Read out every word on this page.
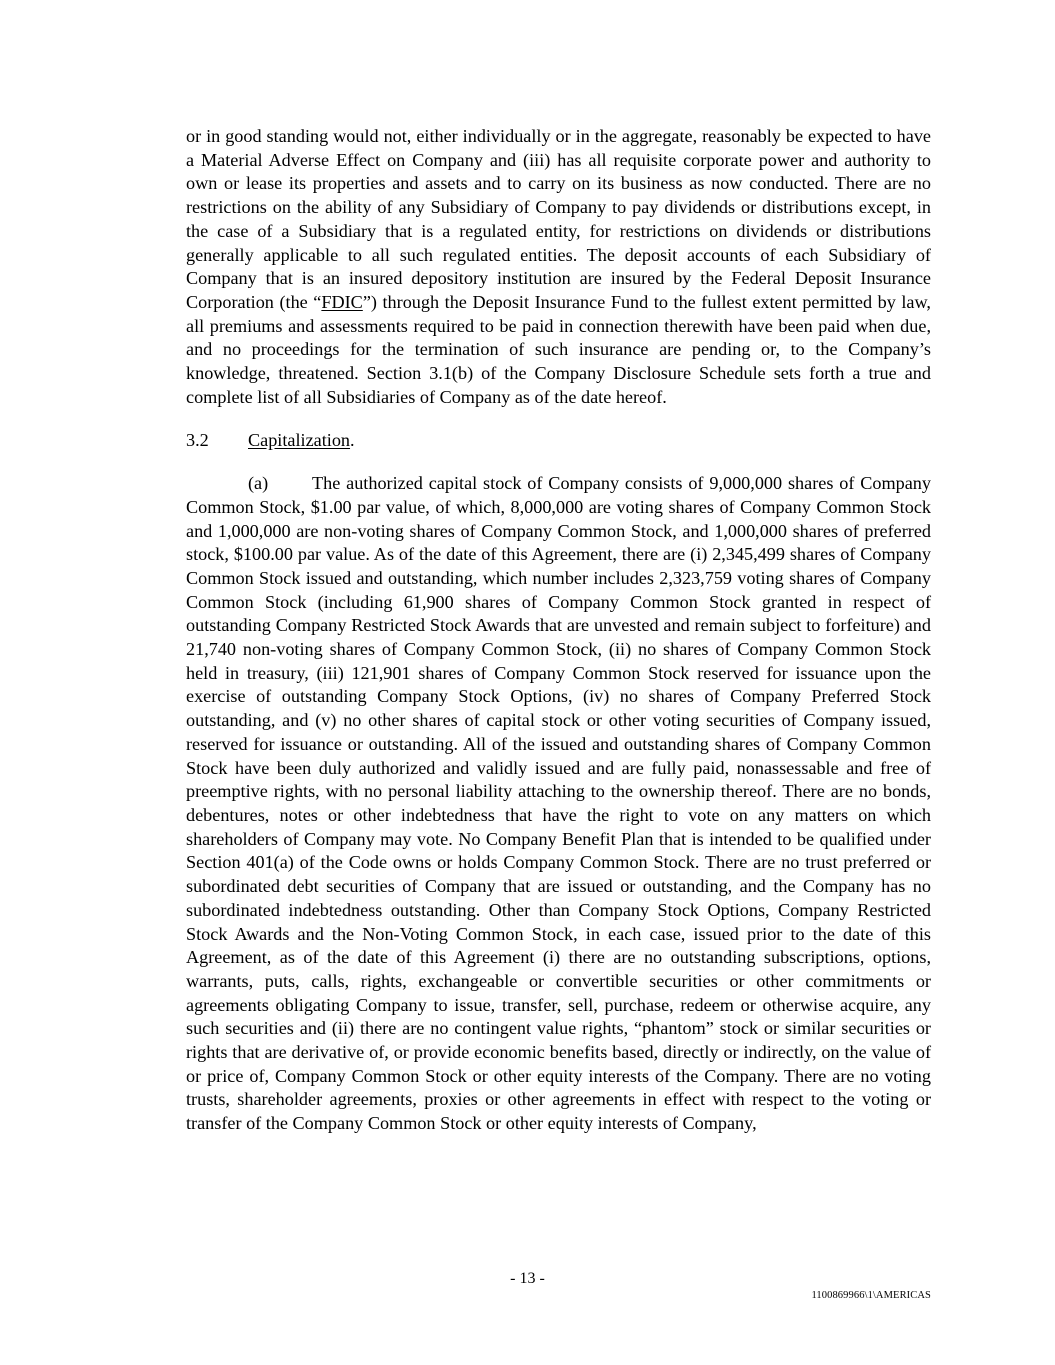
or in good standing would not, either individually or in the aggregate, reasonably be expected to have a Material Adverse Effect on Company and (iii) has all requisite corporate power and authority to own or lease its properties and assets and to carry on its business as now conducted. There are no restrictions on the ability of any Subsidiary of Company to pay dividends or distributions except, in the case of a Subsidiary that is a regulated entity, for restrictions on dividends or distributions generally applicable to all such regulated entities. The deposit accounts of each Subsidiary of Company that is an insured depository institution are insured by the Federal Deposit Insurance Corporation (the “FDIC”) through the Deposit Insurance Fund to the fullest extent permitted by law, all premiums and assessments required to be paid in connection therewith have been paid when due, and no proceedings for the termination of such insurance are pending or, to the Company’s knowledge, threatened. Section 3.1(b) of the Company Disclosure Schedule sets forth a true and complete list of all Subsidiaries of Company as of the date hereof.

3.2	Capitalization.

(a) The authorized capital stock of Company consists of 9,000,000 shares of Company Common Stock, $1.00 par value, of which, 8,000,000 are voting shares of Company Common Stock and 1,000,000 are non-voting shares of Company Common Stock, and 1,000,000 shares of preferred stock, $100.00 par value. As of the date of this Agreement, there are (i) 2,345,499 shares of Company Common Stock issued and outstanding, which number includes 2,323,759 voting shares of Company Common Stock (including 61,900 shares of Company Common Stock granted in respect of outstanding Company Restricted Stock Awards that are unvested and remain subject to forfeiture) and 21,740 non-voting shares of Company Common Stock, (ii) no shares of Company Common Stock held in treasury, (iii) 121,901 shares of Company Common Stock reserved for issuance upon the exercise of outstanding Company Stock Options, (iv) no shares of Company Preferred Stock outstanding, and (v) no other shares of capital stock or other voting securities of Company issued, reserved for issuance or outstanding. All of the issued and outstanding shares of Company Common Stock have been duly authorized and validly issued and are fully paid, nonassessable and free of preemptive rights, with no personal liability attaching to the ownership thereof. There are no bonds, debentures, notes or other indebtedness that have the right to vote on any matters on which shareholders of Company may vote. No Company Benefit Plan that is intended to be qualified under Section 401(a) of the Code owns or holds Company Common Stock. There are no trust preferred or subordinated debt securities of Company that are issued or outstanding, and the Company has no subordinated indebtedness outstanding. Other than Company Stock Options, Company Restricted Stock Awards and the Non-Voting Common Stock, in each case, issued prior to the date of this Agreement, as of the date of this Agreement (i) there are no outstanding subscriptions, options, warrants, puts, calls, rights, exchangeable or convertible securities or other commitments or agreements obligating Company to issue, transfer, sell, purchase, redeem or otherwise acquire, any such securities and (ii) there are no contingent value rights, “phantom” stock or similar securities or rights that are derivative of, or provide economic benefits based, directly or indirectly, on the value of or price of, Company Common Stock or other equity interests of the Company. There are no voting trusts, shareholder agreements, proxies or other agreements in effect with respect to the voting or transfer of the Company Common Stock or other equity interests of Company,

- 13 -
1100869966\1\AMERICAS
